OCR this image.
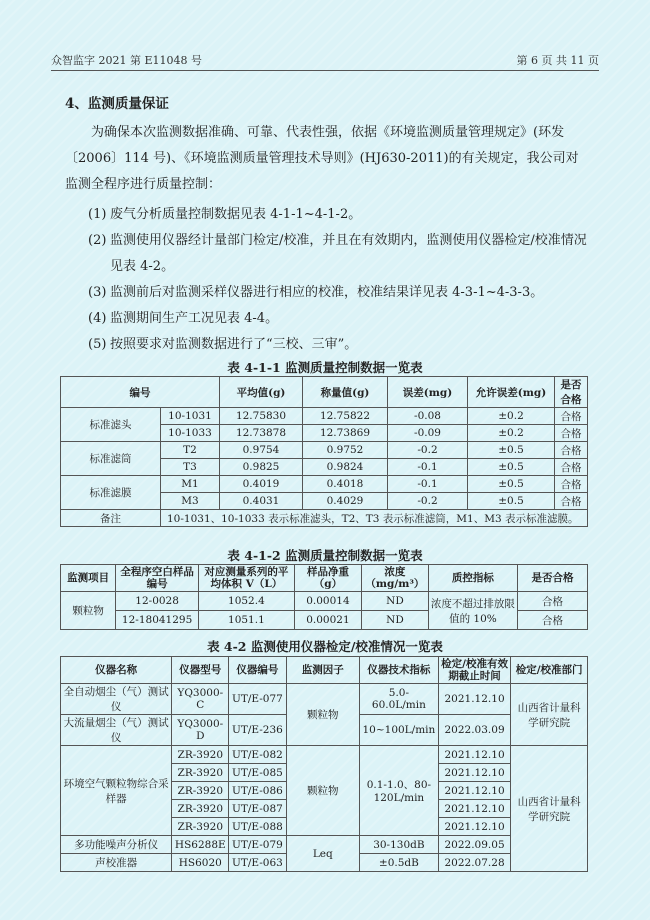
众智监字 2021 第 E11048 号	第 6 页 共 11 页
4、监测质量保证
为确保本次监测数据准确、可靠、代表性强，依据《环境监测质量管理规定》(环发〔2006〕114 号)、《环境监测质量管理技术导则》(HJ630-2011)的有关规定，我公司对监测全程序进行质量控制：
(1) 废气分析质量控制数据见表 4-1-1~4-1-2。
(2) 监测使用仪器经计量部门检定/校准，并且在有效期内，监测使用仪器检定/校准情况见表 4-2。
(3) 监测前后对监测采样仪器进行相应的校准，校准结果详见表 4-3-1~4-3-3。
(4) 监测期间生产工况见表 4-4。
(5) 按照要求对监测数据进行了“三校、三审”。
表 4-1-1 监测质量控制数据一览表
编号		平均值(g)	称量值(g)	误差(mg)	允许误差(mg)	是否合格
标准滤头	10-1031	12.75830	12.75822	-0.08	±0.2	合格
	10-1033	12.73878	12.73869	-0.09	±0.2	合格
标准滤筒	T2	0.9754	0.9752	-0.2	±0.5	合格
	T3	0.9825	0.9824	-0.1	±0.5	合格
标准滤膜	M1	0.4019	0.4018	-0.1	±0.5	合格
	M3	0.4031	0.4029	-0.2	±0.5	合格
备注	10-1031、10-1033 表示标准滤头，T2、T3 表示标准滤筒，M1、M3 表示标准滤膜。					
表 4-1-2 监测质量控制数据一览表
监测项目	全程序空白样品编号	对应测量系列的平均体积 V（L）	样品净重（g）	浓度（mg/m³）	质控指标	是否合格
颗粒物	12-0028	1052.4	0.00014	ND	浓度不超过排放限值的 10%	合格
	12-18041295	1051.1	0.00021	ND		合格
表 4-2 监测使用仪器检定/校准情况一览表
仪器名称	仪器型号	仪器编号	监测因子	仪器技术指标	检定/校准有效期截止时间	检定/校准部门
全自动烟尘（气）测试仪	YQ3000-C	UT/E-077	颗粒物	5.0-60.0L/min	2021.12.10	山西省计量科学研究院
大流量烟尘（气）测试仪	YQ3000-D	UT/E-236		10~100L/min	2022.03.09	
环境空气颗粒物综合采样器	ZR-3920	UT/E-082	颗粒物	0.1-1.0、80-120L/min	2021.12.10	山西省计量科学研究院
	ZR-3920	UT/E-085			2021.12.10	
	ZR-3920	UT/E-086			2021.12.10	
	ZR-3920	UT/E-087			2021.12.10	
	ZR-3920	UT/E-088			2021.12.10	
多功能噪声分析仪	HS6288E	UT/E-079	Leq	30-130dB	2022.09.05	
声校准器	HS6020	UT/E-063		±0.5dB	2022.07.28	
